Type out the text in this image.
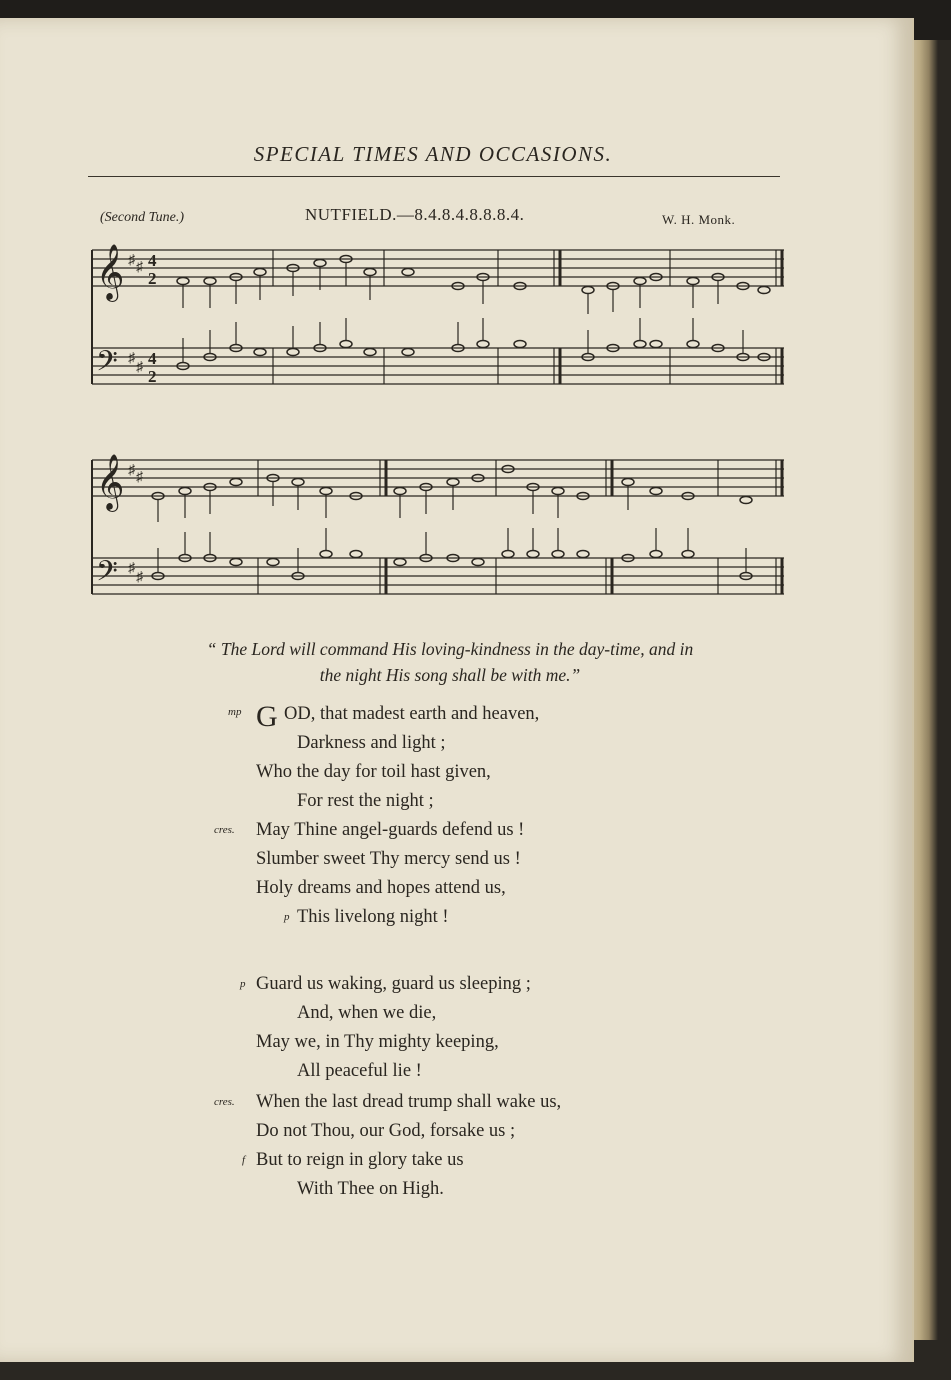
SPECIAL TIMES AND OCCASIONS.
(Second Tune.)	NUTFIELD.—8.4.8.4.8.8.8.4.	W. H. Monk.
𝄞
𝄢
♯ ♯
♯
♯
4
2
4
2
𝄞
𝄢
♯ ♯
♯
♯
“ The Lord will command His loving-kindness in the day-time, and in
the night His song shall be with me.”
mp G OD, that madest earth and heaven,
Darkness and light ;
Who the day for toil hast given,
For rest the night ;
cres. May Thine angel-guards defend us !
Slumber sweet Thy mercy send us !
Holy dreams and hopes attend us,
p This livelong night !
p Guard us waking, guard us sleeping ;
And, when we die,
May we, in Thy mighty keeping,
All peaceful lie !
cres. When the last dread trump shall wake us,
Do not Thou, our God, forsake us ;
f But to reign in glory take us
With Thee on High.
